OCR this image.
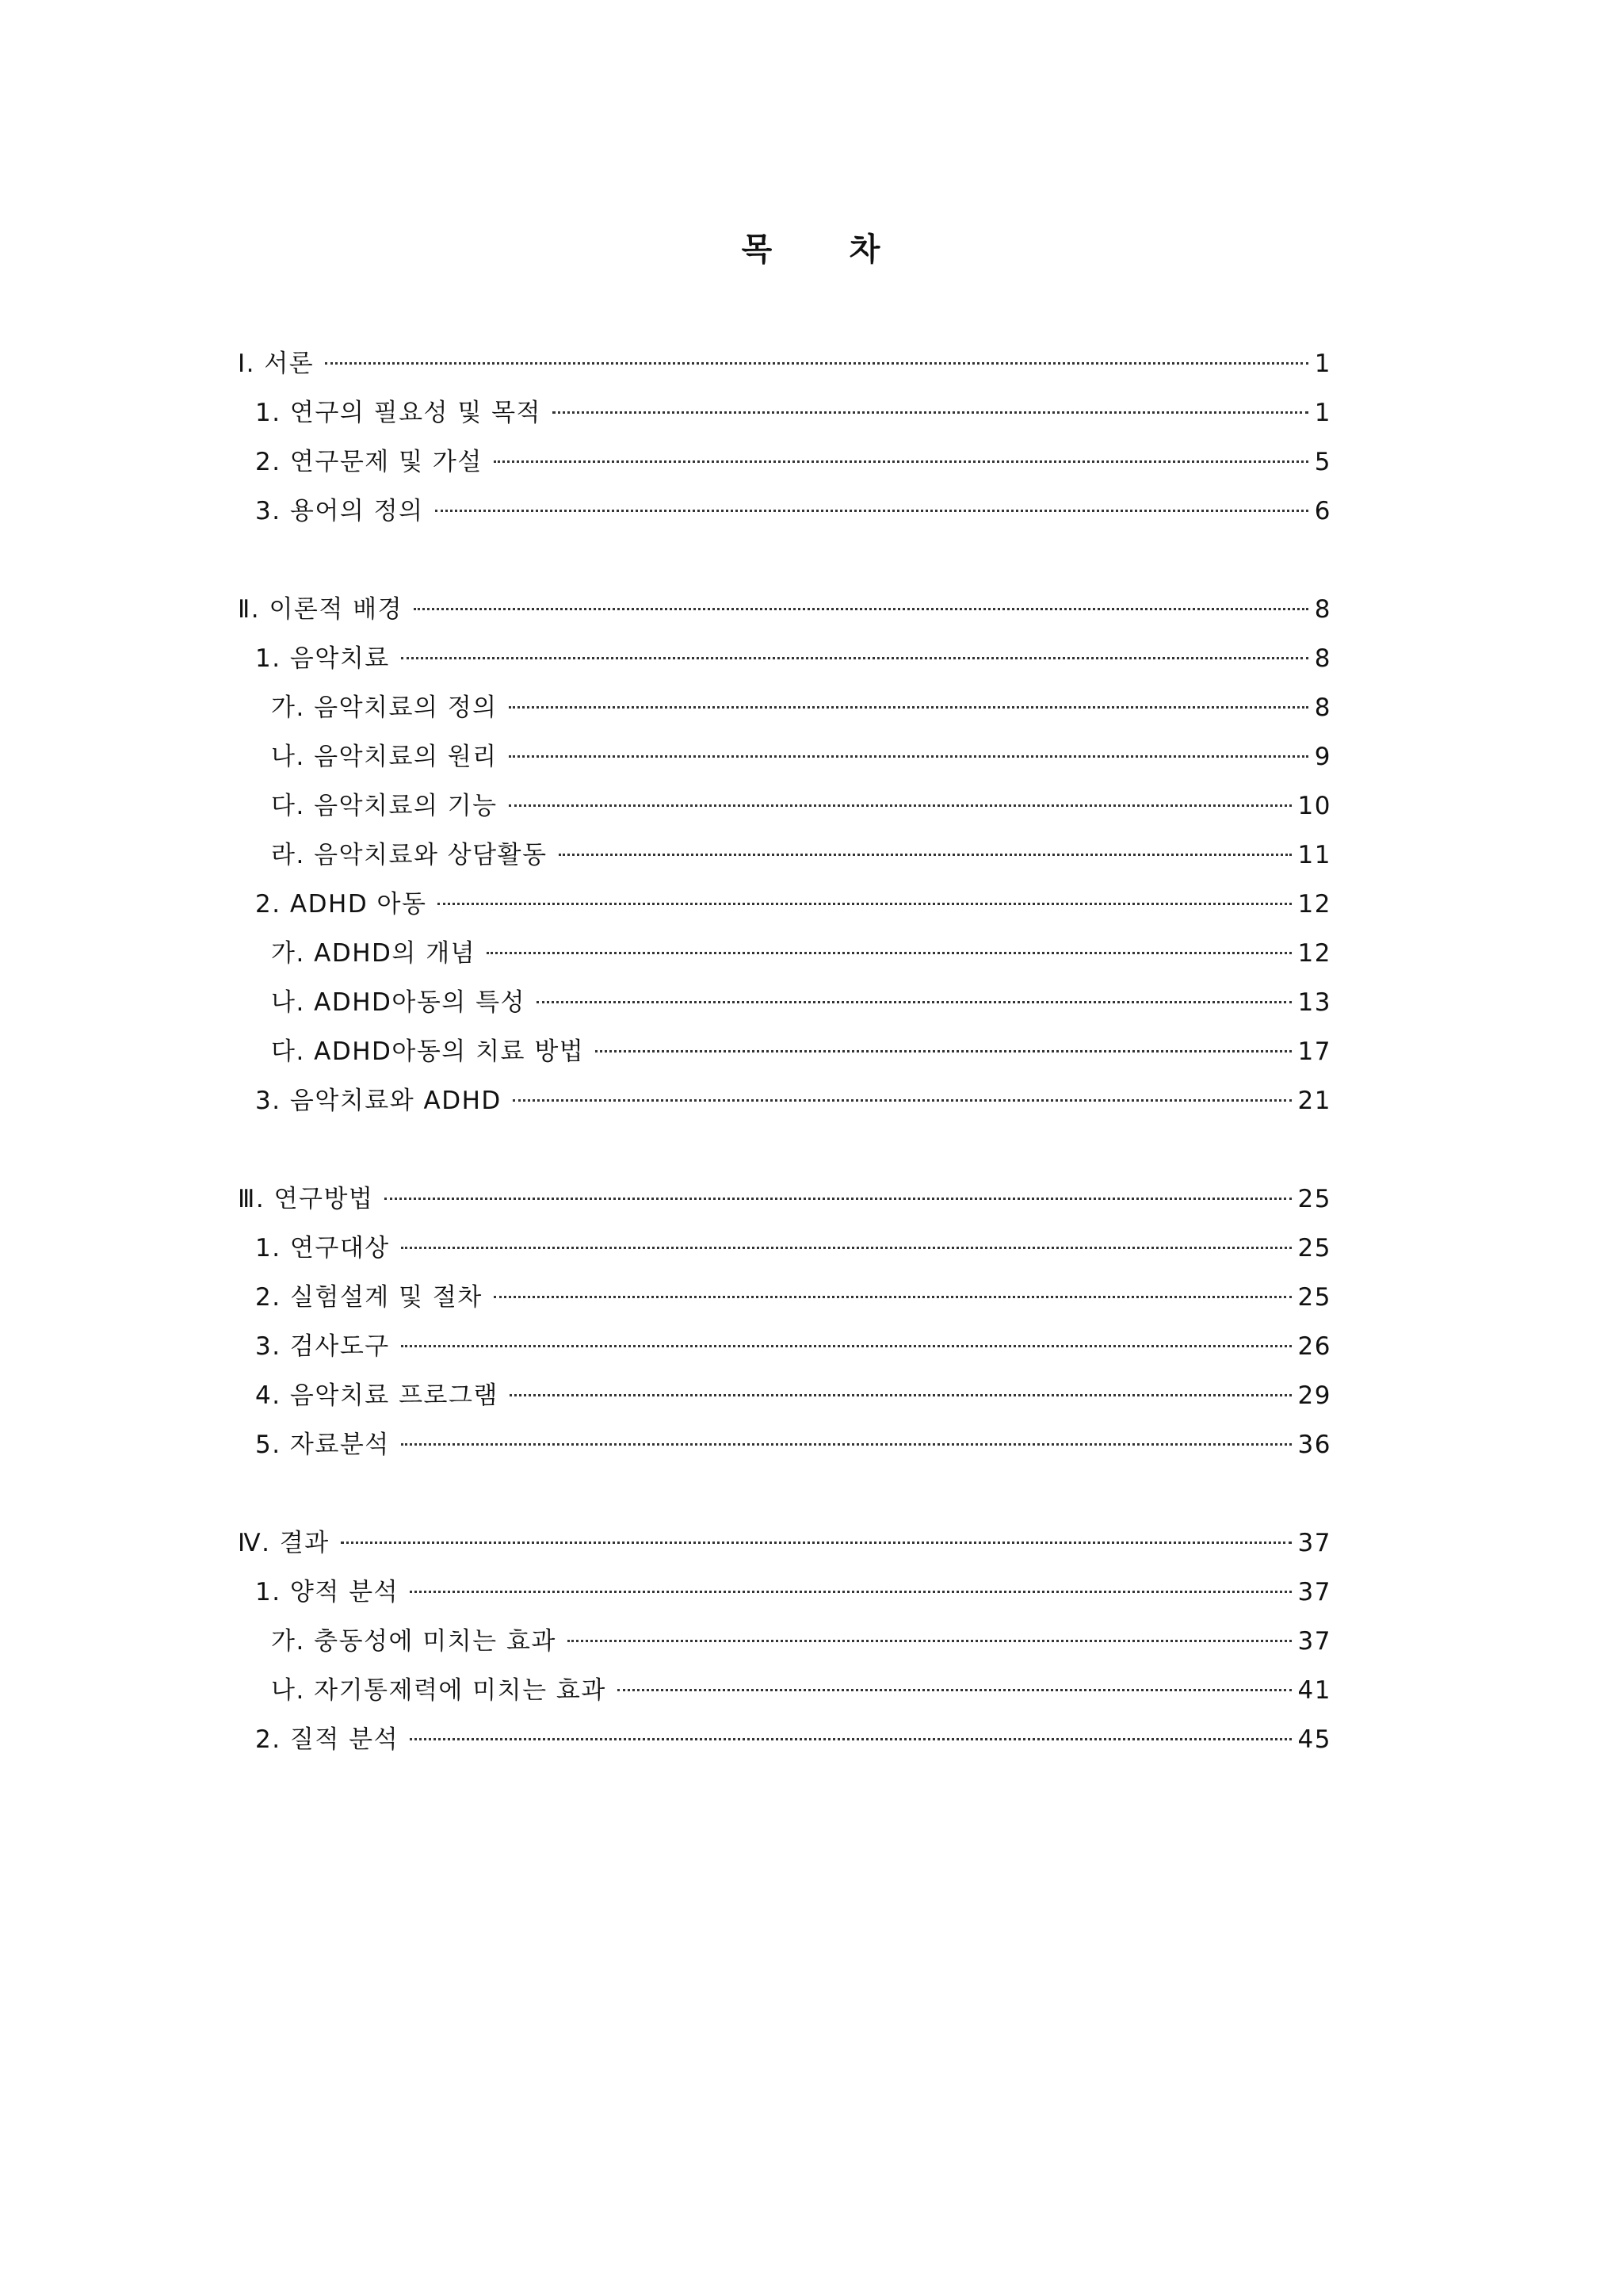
목      차
Ⅰ. 서론	1
1. 연구의 필요성 및 목적	1
2. 연구문제 및 가설	5
3. 용어의 정의	6
Ⅱ. 이론적 배경	8
1. 음악치료	8
가. 음악치료의 정의	8
나. 음악치료의 원리	9
다. 음악치료의 기능	10
라. 음악치료와 상담활동	11
2. ADHD 아동	12
가. ADHD의 개념	12
나. ADHD아동의 특성	13
다. ADHD아동의 치료 방법	17
3. 음악치료와 ADHD	21
Ⅲ. 연구방법	25
1. 연구대상	25
2. 실험설계 및 절차	25
3. 검사도구	26
4. 음악치료 프로그램	29
5. 자료분석	36
Ⅳ. 결과	37
1. 양적 분석	37
가. 충동성에 미치는 효과	37
나. 자기통제력에 미치는 효과	41
2. 질적 분석	45
